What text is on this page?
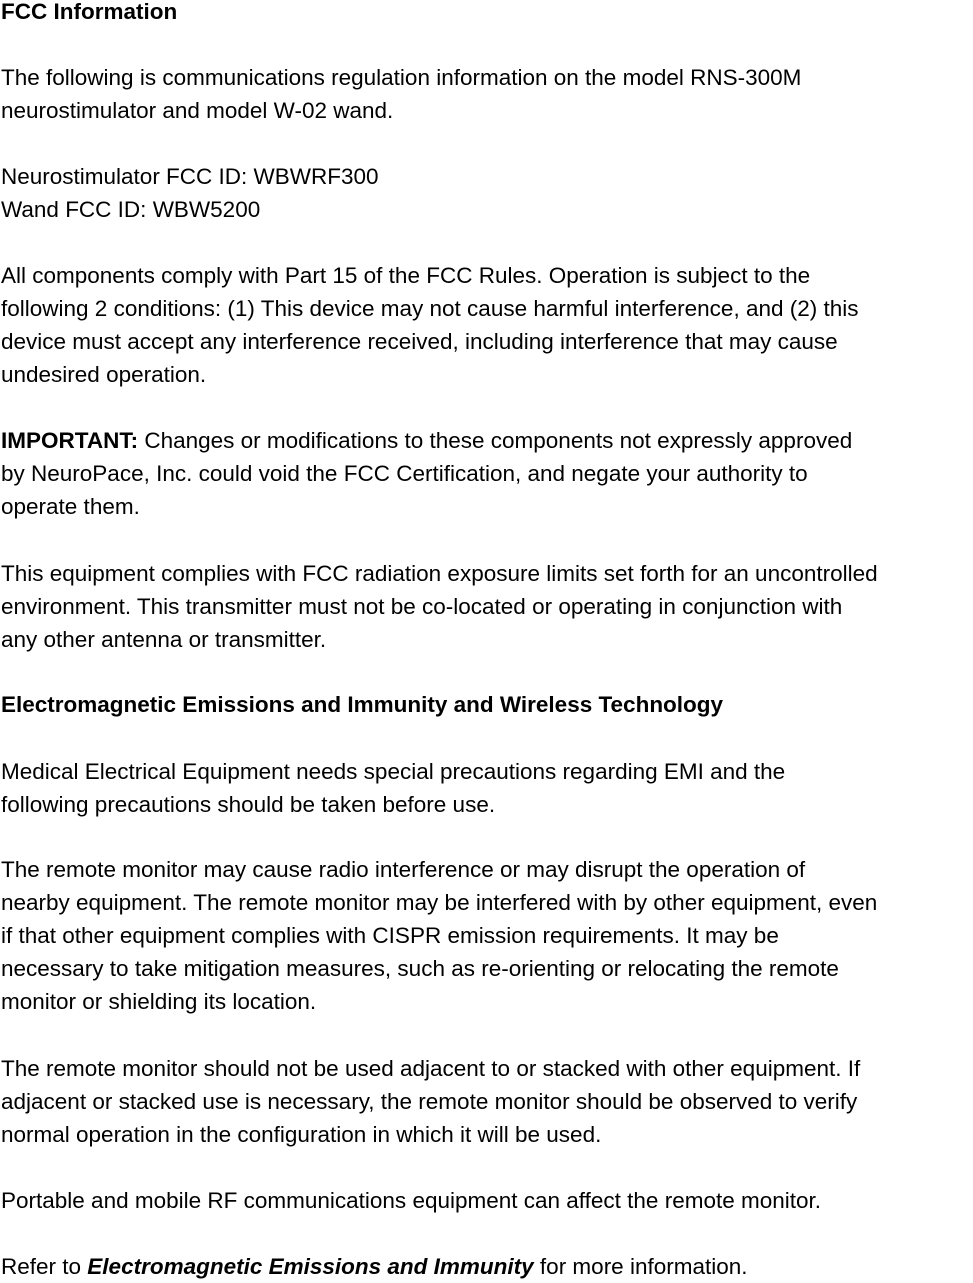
FCC Information

The following is communications regulation information on the model RNS-300M
neurostimulator and model W-02 wand.

Neurostimulator FCC ID: WBWRF300
Wand FCC ID: WBW5200

All components comply with Part 15 of the FCC Rules. Operation is subject to the
following 2 conditions: (1) This device may not cause harmful interference, and (2) this
device must accept any interference received, including interference that may cause
undesired operation.

IMPORTANT: Changes or modifications to these components not expressly approved
by NeuroPace, Inc. could void the FCC Certification, and negate your authority to
operate them.

This equipment complies with FCC radiation exposure limits set forth for an uncontrolled
environment. This transmitter must not be co-located or operating in conjunction with
any other antenna or transmitter.

Electromagnetic Emissions and Immunity and Wireless Technology

Medical Electrical Equipment needs special precautions regarding EMI and the
following precautions should be taken before use.

The remote monitor may cause radio interference or may disrupt the operation of
nearby equipment. The remote monitor may be interfered with by other equipment, even
if that other equipment complies with CISPR emission requirements. It may be
necessary to take mitigation measures, such as re-orienting or relocating the remote
monitor or shielding its location.

The remote monitor should not be used adjacent to or stacked with other equipment. If
adjacent or stacked use is necessary, the remote monitor should be observed to verify
normal operation in the configuration in which it will be used.

Portable and mobile RF communications equipment can affect the remote monitor.

Refer to Electromagnetic Emissions and Immunity for more information.
